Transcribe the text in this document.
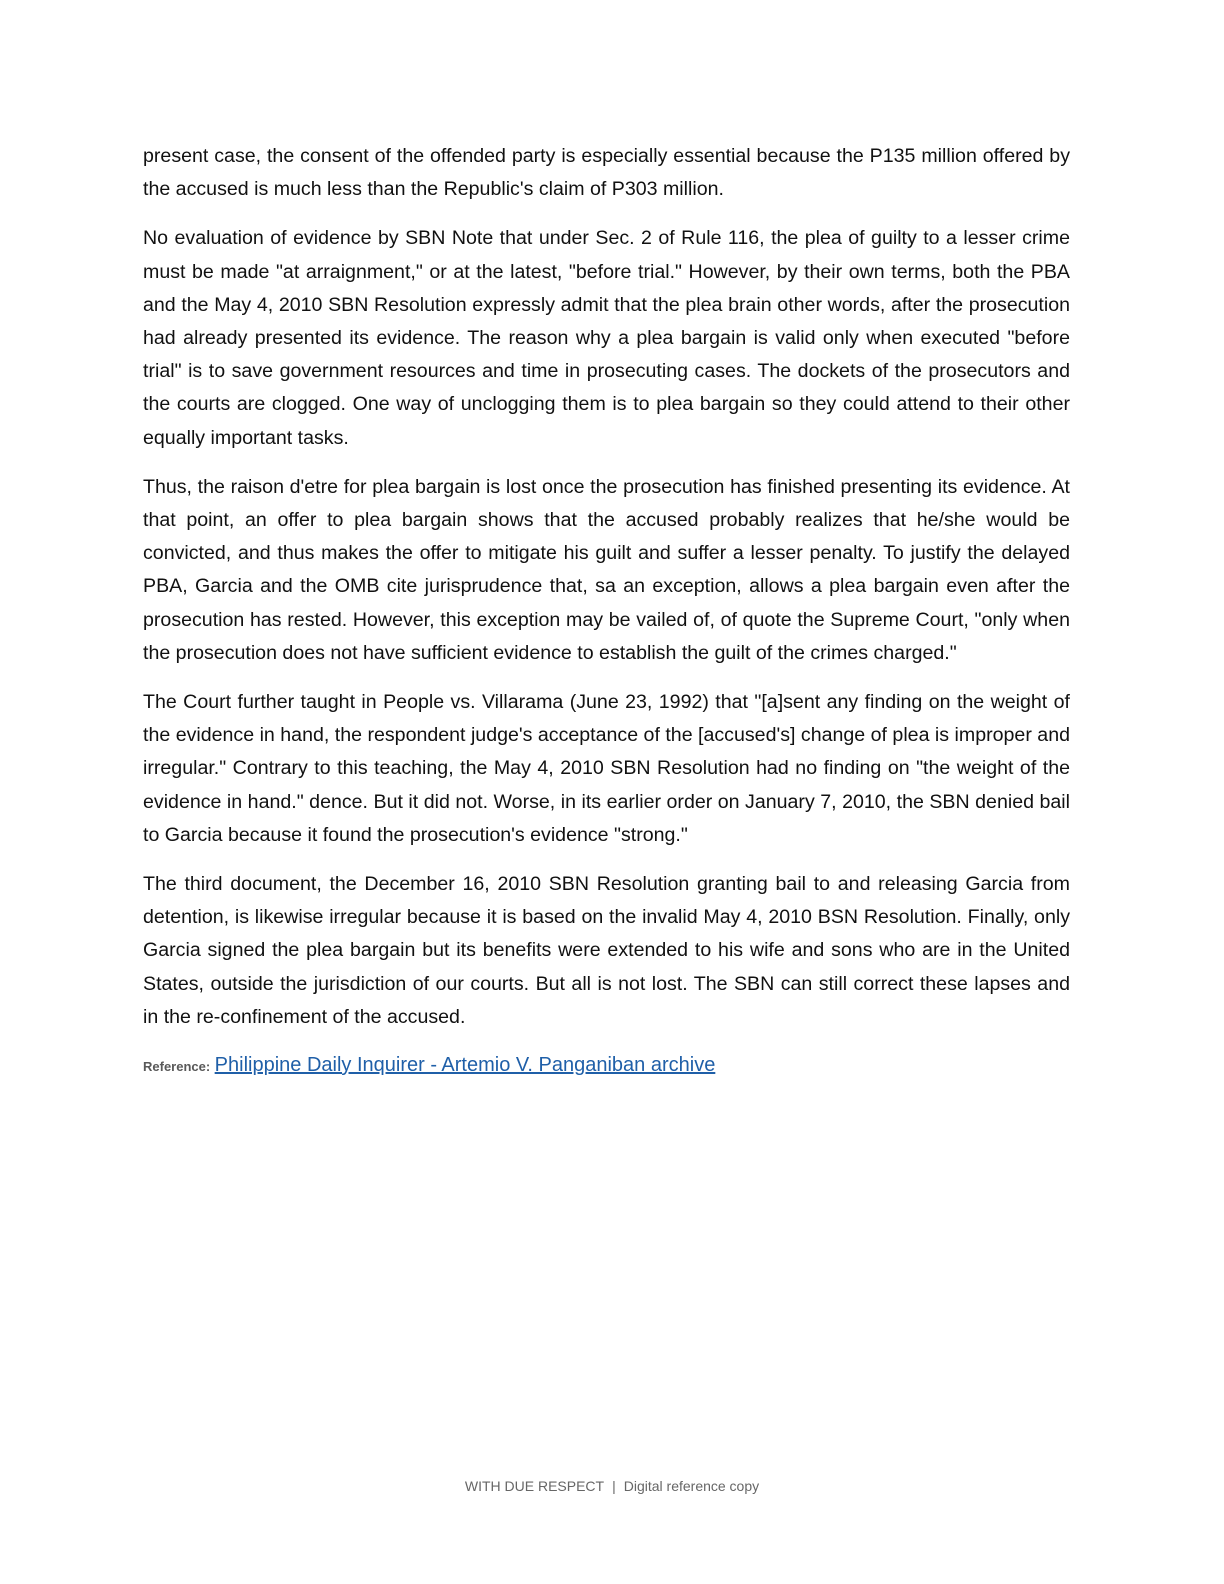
present case, the consent of the offended party is especially essential because the P135 million offered by the accused is much less than the Republic's claim of P303 million.

No evaluation of evidence by SBN Note that under Sec. 2 of Rule 116, the plea of guilty to a lesser crime must be made "at arraignment," or at the latest, "before trial." However, by their own terms, both the PBA and the May 4, 2010 SBN Resolution expressly admit that the plea brain other words, after the prosecution had already presented its evidence. The reason why a plea bargain is valid only when executed "before trial" is to save government resources and time in prosecuting cases. The dockets of the prosecutors and the courts are clogged. One way of unclogging them is to plea bargain so they could attend to their other equally important tasks.

Thus, the raison d'etre for plea bargain is lost once the prosecution has finished presenting its evidence. At that point, an offer to plea bargain shows that the accused probably realizes that he/she would be convicted, and thus makes the offer to mitigate his guilt and suffer a lesser penalty. To justify the delayed PBA, Garcia and the OMB cite jurisprudence that, sa an exception, allows a plea bargain even after the prosecution has rested. However, this exception may be vailed of, of quote the Supreme Court, "only when the prosecution does not have sufficient evidence to establish the guilt of the crimes charged."

The Court further taught in People vs. Villarama (June 23, 1992) that "[a]sent any finding on the weight of the evidence in hand, the respondent judge's acceptance of the [accused's] change of plea is improper and irregular." Contrary to this teaching, the May 4, 2010 SBN Resolution had no finding on "the weight of the evidence in hand." dence. But it did not. Worse, in its earlier order on January 7, 2010, the SBN denied bail to Garcia because it found the prosecution's evidence "strong."

The third document, the December 16, 2010 SBN Resolution granting bail to and releasing Garcia from detention, is likewise irregular because it is based on the invalid May 4, 2010 BSN Resolution. Finally, only Garcia signed the plea bargain but its benefits were extended to his wife and sons who are in the United States, outside the jurisdiction of our courts. But all is not lost. The SBN can still correct these lapses and in the re-confinement of the accused.

Reference: Philippine Daily Inquirer - Artemio V. Panganiban archive
WITH DUE RESPECT | Digital reference copy
